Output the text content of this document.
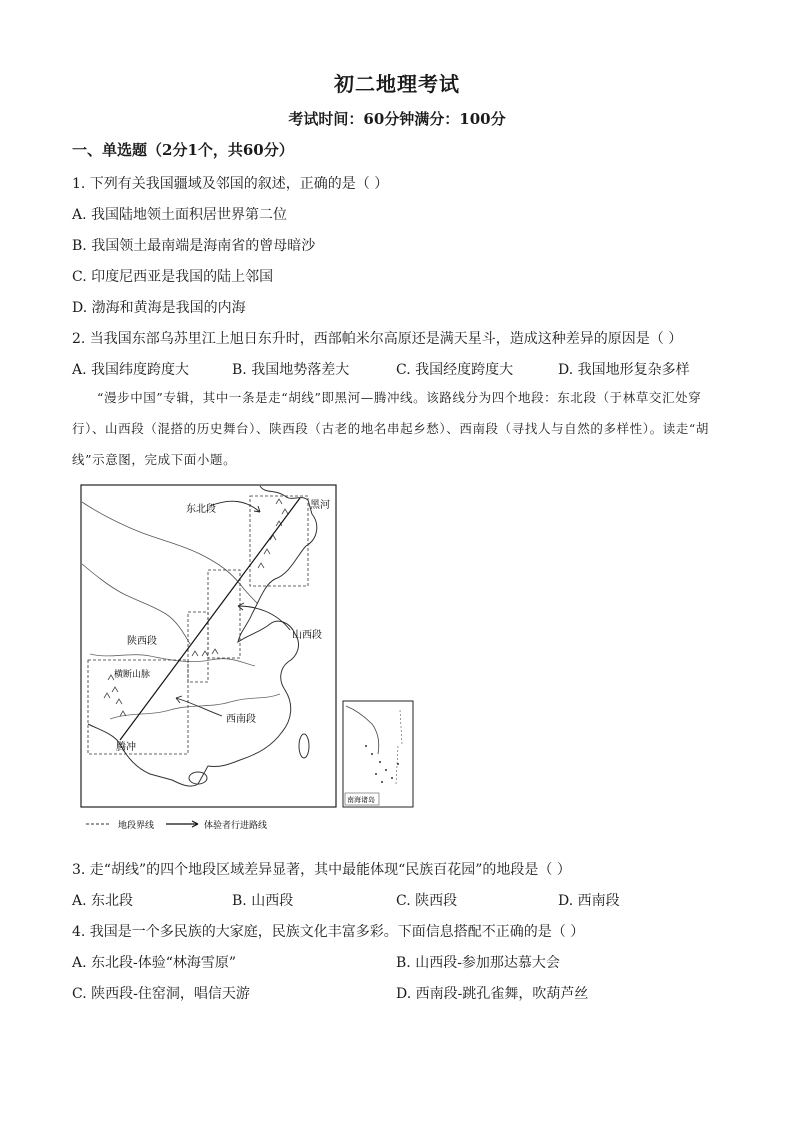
初二地理考试
考试时间：60分钟满分：100分
一、单选题（2分1个，共60分）
1. 下列有关我国疆域及邻国的叙述，正确的是（ ）
A. 我国陆地领土面积居世界第二位
B. 我国领土最南端是海南省的曾母暗沙
C. 印度尼西亚是我国的陆上邻国
D. 渤海和黄海是我国的内海
2. 当我国东部乌苏里江上旭日东升时，西部帕米尔高原还是满天星斗，造成这种差异的原因是（ ）
A. 我国纬度跨度大	B. 我国地势落差大	C. 我国经度跨度大	D. 我国地形复杂多样
“漫步中国”专辑，其中一条是走“胡线”即黑河—腾冲线。该路线分为四个地段：东北段（于林草交汇处穿行）、山西段（混搭的历史舞台）、陕西段（古老的地名串起乡愁）、西南段（寻找人与自然的多样性）。读走“胡线”示意图，完成下面小题。
东北段	黑河
陕西段
山西段
横断山脉
西南段
腾冲
南海诸岛
地段界线	体验者行进路线
3. 走“胡线”的四个地段区域差异显著，其中最能体现“民族百花园”的地段是（ ）
A. 东北段	B. 山西段	C. 陕西段	D. 西南段
4. 我国是一个多民族的大家庭，民族文化丰富多彩。下面信息搭配不正确的是（ ）
A. 东北段-体验“林海雪原”	B. 山西段-参加那达慕大会
C. 陕西段-住窑洞，唱信天游	D. 西南段-跳孔雀舞，吹葫芦丝
